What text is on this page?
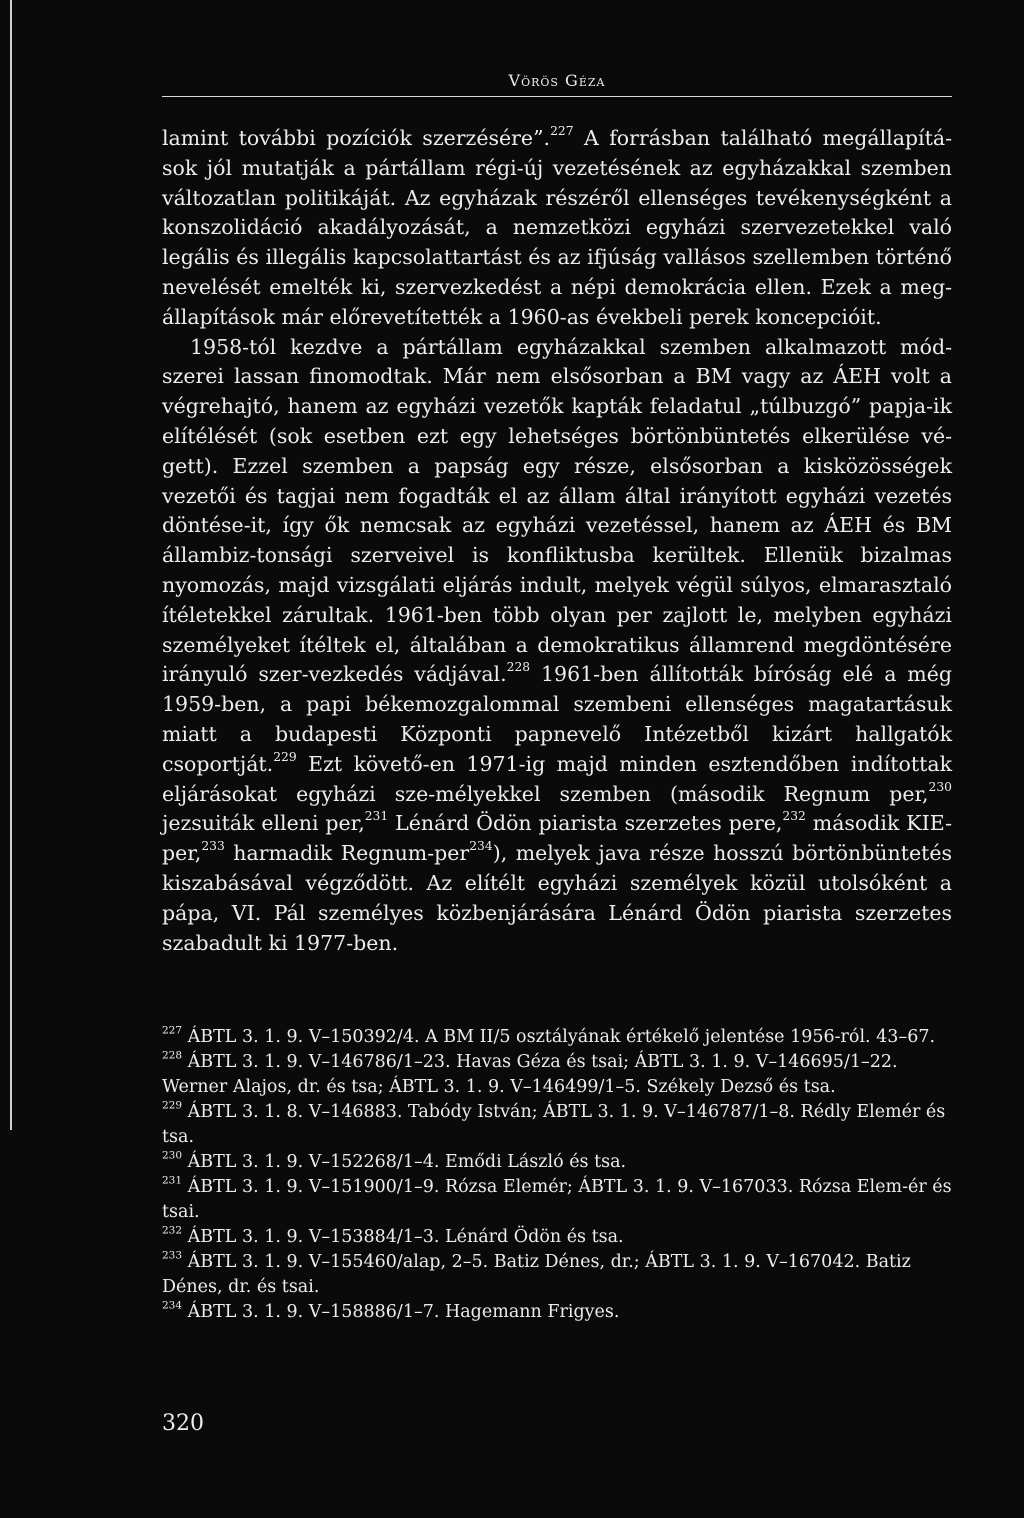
Vörös Géza

lamint további pozíciók szerzésére”.$^{227}$ A forrásban található megállapítá-sok jól mutatják a pártállam régi-új vezetésének az egyházakkal szemben változatlan politikáját. Az egyházak részéről ellenséges tevékenységként a konszolidáció akadályozását, a nemzetközi egyházi szervezetekkel való legális és illegális kapcsolattartást és az ifjúság vallásos szellemben történő nevelését emelték ki, szervezkedést a népi demokrácia ellen. Ezek a meg-állapítások már előrevetítették a 1960-as évekbeli perek koncepcióit.

1958-tól kezdve a pártállam egyházakkal szemben alkalmazott mód-szerei lassan finomodtak. Már nem elsősorban a BM vagy az ÁEH volt a végrehajtó, hanem az egyházi vezetők kapták feladatul „túlbuzgó” papja-ik elítélését (sok esetben ezt egy lehetséges börtönbüntetés elkerülése vé-gett). Ezzel szemben a papság egy része, elsősorban a kisközösségek vezetői és tagjai nem fogadták el az állam által irányított egyházi vezetés döntése-it, így ők nemcsak az egyházi vezetéssel, hanem az ÁEH és BM állambiz-tonsági szerveivel is konfliktusba kerültek. Ellenük bizalmas nyomozás, majd vizsgálati eljárás indult, melyek végül súlyos, elmarasztaló ítéletekkel zárultak. 1961-ben több olyan per zajlott le, melyben egyházi személyeket ítéltek el, általában a demokratikus államrend megdöntésére irányuló szer-vezkedés vádjával.$^{228}$ 1961-ben állították bíróság elé a még 1959-ben, a papi békemozgalommal szembeni ellenséges magatartásuk miatt a budapesti Központi papnevelő Intézetből kizárt hallgatók csoportját.$^{229}$ Ezt követő-en 1971-ig majd minden esztendőben indítottak eljárásokat egyházi sze-mélyekkel szemben (második Regnum per,$^{230}$ jezsuiták elleni per,$^{231}$ Lénárd Ödön piarista szerzetes pere,$^{232}$ második KIE-per,$^{233}$ harmadik Regnum-per$^{234}$), melyek java része hosszú börtönbüntetés kiszabásával végződött. Az elítélt egyházi személyek közül utolsóként a pápa, VI. Pál személyes közbenjárására Lénárd Ödön piarista szerzetes szabadult ki 1977-ben.

$^{227}$ ÁBTL 3. 1. 9. V–150392/4. A BM II/5 osztályának értékelő jelentése 1956-ról. 43–67.

$^{228}$ ÁBTL 3. 1. 9. V–146786/1–23. Havas Géza és tsai; ÁBTL 3. 1. 9. V–146695/1–22. Werner Alajos, dr. és tsa; ÁBTL 3. 1. 9. V–146499/1–5. Székely Dezső és tsa.

$^{229}$ ÁBTL 3. 1. 8. V–146883. Tabódy István; ÁBTL 3. 1. 9. V–146787/1–8. Rédly Elemér és tsa.

$^{230}$ ÁBTL 3. 1. 9. V–152268/1–4. Emődi László és tsa.

$^{231}$ ÁBTL 3. 1. 9. V–151900/1–9. Rózsa Elemér; ÁBTL 3. 1. 9. V–167033. Rózsa Elem-ér és tsai.

$^{232}$ ÁBTL 3. 1. 9. V–153884/1–3. Lénárd Ödön és tsa.

$^{233}$ ÁBTL 3. 1. 9. V–155460/alap, 2–5. Batiz Dénes, dr.; ÁBTL 3. 1. 9. V–167042. Batiz Dénes, dr. és tsai.

$^{234}$ ÁBTL 3. 1. 9. V–158886/1–7. Hagemann Frigyes.

320
